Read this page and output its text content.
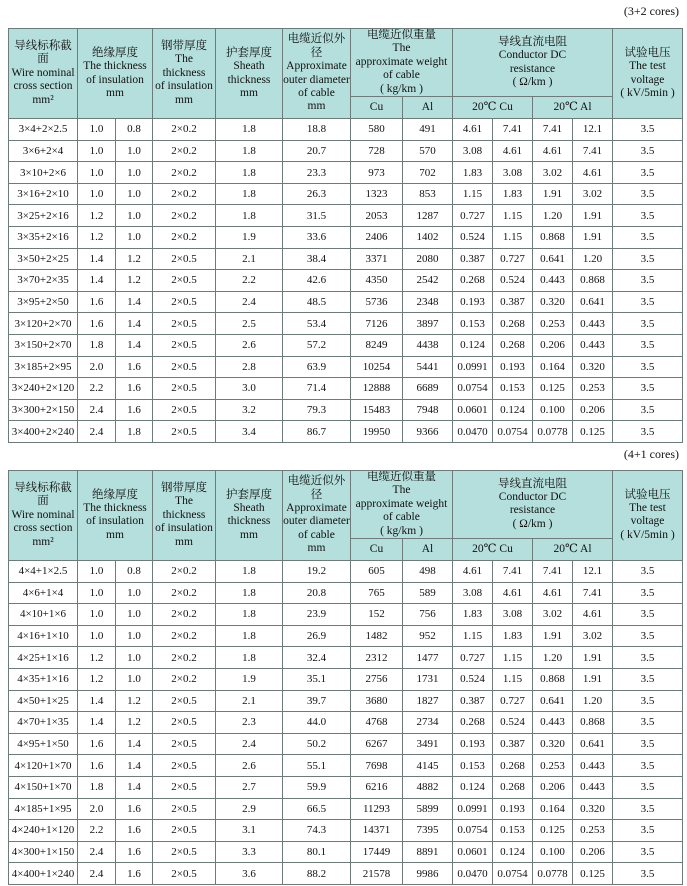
(3+2 cores)
导线标称截面
Wire nominal
cross section
mm²	绝缘厚度
The thickness
of insulation
mm		钢带厚度
The thickness
of insulation
mm	护套厚度
Sheath
thickness
mm	电缆近似外径
Approximate
outer diameter
of cable
mm	电缆近似重量
The
approximate weight
of cable
( kg/km )		导线直流电阻
Conductor DC
resistance
( Ω/km )				试验电压
The test
voltage
( kV/5min )
						Cu	Al	20℃ Cu		20℃ Al		
3×4+2×2.5	1.0	0.8	2×0.2	1.8	18.8	580	491	4.61	7.41	7.41	12.1	3.5
3×6+2×4	1.0	1.0	2×0.2	1.8	20.7	728	570	3.08	4.61	4.61	7.41	3.5
3×10+2×6	1.0	1.0	2×0.2	1.8	23.3	973	702	1.83	3.08	3.02	4.61	3.5
3×16+2×10	1.0	1.0	2×0.2	1.8	26.3	1323	853	1.15	1.83	1.91	3.02	3.5
3×25+2×16	1.2	1.0	2×0.2	1.8	31.5	2053	1287	0.727	1.15	1.20	1.91	3.5
3×35+2×16	1.2	1.0	2×0.2	1.9	33.6	2406	1402	0.524	1.15	0.868	1.91	3.5
3×50+2×25	1.4	1.2	2×0.5	2.1	38.4	3371	2080	0.387	0.727	0.641	1.20	3.5
3×70+2×35	1.4	1.2	2×0.5	2.2	42.6	4350	2542	0.268	0.524	0.443	0.868	3.5
3×95+2×50	1.6	1.4	2×0.5	2.4	48.5	5736	2348	0.193	0.387	0.320	0.641	3.5
3×120+2×70	1.6	1.4	2×0.5	2.5	53.4	7126	3897	0.153	0.268	0.253	0.443	3.5
3×150+2×70	1.8	1.4	2×0.5	2.6	57.2	8249	4438	0.124	0.268	0.206	0.443	3.5
3×185+2×95	2.0	1.6	2×0.5	2.8	63.9	10254	5441	0.0991	0.193	0.164	0.320	3.5
3×240+2×120	2.2	1.6	2×0.5	3.0	71.4	12888	6689	0.0754	0.153	0.125	0.253	3.5
3×300+2×150	2.4	1.6	2×0.5	3.2	79.3	15483	7948	0.0601	0.124	0.100	0.206	3.5
3×400+2×240	2.4	1.8	2×0.5	3.4	86.7	19950	9366	0.0470	0.0754	0.0778	0.125	3.5
(4+1 cores)
导线标称截面
Wire nominal
cross section
mm²	绝缘厚度
The thickness
of insulation
mm		钢带厚度
The thickness
of insulation
mm	护套厚度
Sheath
thickness
mm	电缆近似外径
Approximate
outer diameter
of cable
mm	电缆近似重量
The
approximate weight
of cable
( kg/km )		导线直流电阻
Conductor DC
resistance
( Ω/km )				试验电压
The test
voltage
( kV/5min )
						Cu	Al	20℃ Cu		20℃ Al		
4×4+1×2.5	1.0	0.8	2×0.2	1.8	19.2	605	498	4.61	7.41	7.41	12.1	3.5
4×6+1×4	1.0	1.0	2×0.2	1.8	20.8	765	589	3.08	4.61	4.61	7.41	3.5
4×10+1×6	1.0	1.0	2×0.2	1.8	23.9	152	756	1.83	3.08	3.02	4.61	3.5
4×16+1×10	1.0	1.0	2×0.2	1.8	26.9	1482	952	1.15	1.83	1.91	3.02	3.5
4×25+1×16	1.2	1.0	2×0.2	1.8	32.4	2312	1477	0.727	1.15	1.20	1.91	3.5
4×35+1×16	1.2	1.0	2×0.2	1.9	35.1	2756	1731	0.524	1.15	0.868	1.91	3.5
4×50+1×25	1.4	1.2	2×0.5	2.1	39.7	3680	1827	0.387	0.727	0.641	1.20	3.5
4×70+1×35	1.4	1.2	2×0.5	2.3	44.0	4768	2734	0.268	0.524	0.443	0.868	3.5
4×95+1×50	1.6	1.4	2×0.5	2.4	50.2	6267	3491	0.193	0.387	0.320	0.641	3.5
4×120+1×70	1.6	1.4	2×0.5	2.6	55.1	7698	4145	0.153	0.268	0.253	0.443	3.5
4×150+1×70	1.8	1.4	2×0.5	2.7	59.9	6216	4882	0.124	0.268	0.206	0.443	3.5
4×185+1×95	2.0	1.6	2×0.5	2.9	66.5	11293	5899	0.0991	0.193	0.164	0.320	3.5
4×240+1×120	2.2	1.6	2×0.5	3.1	74.3	14371	7395	0.0754	0.153	0.125	0.253	3.5
4×300+1×150	2.4	1.6	2×0.5	3.3	80.1	17449	8891	0.0601	0.124	0.100	0.206	3.5
4×400+1×240	2.4	1.6	2×0.5	3.6	88.2	21578	9986	0.0470	0.0754	0.0778	0.125	3.5
